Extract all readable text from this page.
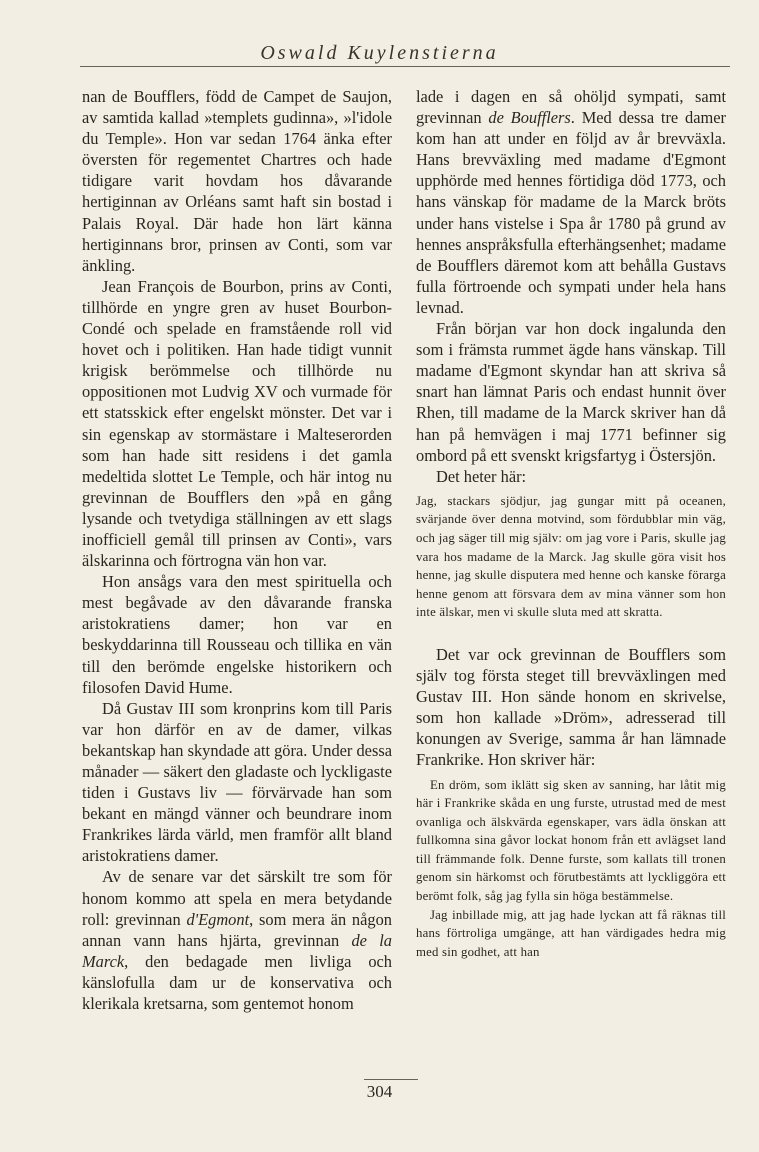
Oswald Kuylenstierna

nan de Boufflers, född de Campet de Saujon, av samtida kallad »templets gudinna», »l'idole du Temple». Hon var sedan 1764 änka efter översten för regementet Chartres och hade tidigare varit hovdam hos dåvarande hertiginnan av Orléans samt haft sin bostad i Palais Royal. Där hade hon lärt känna hertiginnans bror, prinsen av Conti, som var änkling.

Jean François de Bourbon, prins av Conti, tillhörde en yngre gren av huset Bourbon-Condé och spelade en framstående roll vid hovet och i politiken. Han hade tidigt vunnit krigisk berömmelse och tillhörde nu oppositionen mot Ludvig XV och vurmade för ett statsskick efter engelskt mönster. Det var i sin egenskap av stormästare i Malteserorden som han hade sitt residens i det gamla medeltida slottet Le Temple, och här intog nu grevinnan de Boufflers den »på en gång lysande och tvetydiga ställningen av ett slags inofficiell gemål till prinsen av Conti», vars älskarinna och förtrogna vän hon var.

Hon ansågs vara den mest spirituella och mest begåvade av den dåvarande franska aristokratiens damer; hon var en beskyddarinna till Rousseau och tillika en vän till den berömde engelske historikern och filosofen David Hume.

Då Gustav III som kronprins kom till Paris var hon därför en av de damer, vilkas bekantskap han skyndade att göra. Under dessa månader — säkert den gladaste och lyckligaste tiden i Gustavs liv — förvärvade han som bekant en mängd vänner och beundrare inom Frankrikes lärda värld, men framför allt bland aristokratiens damer.

Av de senare var det särskilt tre som för honom kommo att spela en mera betydande roll: grevinnan d'Egmont, som mera än någon annan vann hans hjärta, grevinnan de la Marck, den bedagade men livliga och känslofulla dam ur de konservativa och klerikala kretsarna, som gentemot honom

lade i dagen en så ohöljd sympati, samt grevinnan de Boufflers. Med dessa tre damer kom han att under en följd av år brevväxla. Hans brevväxling med madame d'Egmont upphörde med hennes förtidiga död 1773, och hans vänskap för madame de la Marck bröts under hans vistelse i Spa år 1780 på grund av hennes anspråksfulla efterhängsenhet; madame de Boufflers däremot kom att behålla Gustavs fulla förtroende och sympati under hela hans levnad.

Från början var hon dock ingalunda den som i främsta rummet ägde hans vänskap. Till madame d'Egmont skyndar han att skriva så snart han lämnat Paris och endast hunnit över Rhen, till madame de la Marck skriver han då han på hemvägen i maj 1771 befinner sig ombord på ett svenskt krigsfartyg i Östersjön.

Det heter här:

Jag, stackars sjödjur, jag gungar mitt på oceanen, svärjande över denna motvind, som fördubblar min väg, och jag säger till mig själv: om jag vore i Paris, skulle jag vara hos madame de la Marck. Jag skulle göra visit hos henne, jag skulle disputera med henne och kanske förarga henne genom att försvara dem av mina vänner som hon inte älskar, men vi skulle sluta med att skratta.

Det var ock grevinnan de Boufflers som själv tog första steget till brevväxlingen med Gustav III. Hon sände honom en skrivelse, som hon kallade »Dröm», adresserad till konungen av Sverige, samma år han lämnade Frankrike. Hon skriver här:

En dröm, som iklätt sig sken av sanning, har låtit mig här i Frankrike skåda en ung furste, utrustad med de mest ovanliga och älskvärda egenskaper, vars ädla önskan att fullkomna sina gåvor lockat honom från ett avlägset land till främmande folk. Denne furste, som kallats till tronen genom sin härkomst och förutbestämts att lyckliggöra ett berömt folk, såg jag fylla sin höga bestämmelse.

Jag inbillade mig, att jag hade lyckan att få räknas till hans förtroliga umgänge, att han värdigades hedra mig med sin godhet, att han

304
